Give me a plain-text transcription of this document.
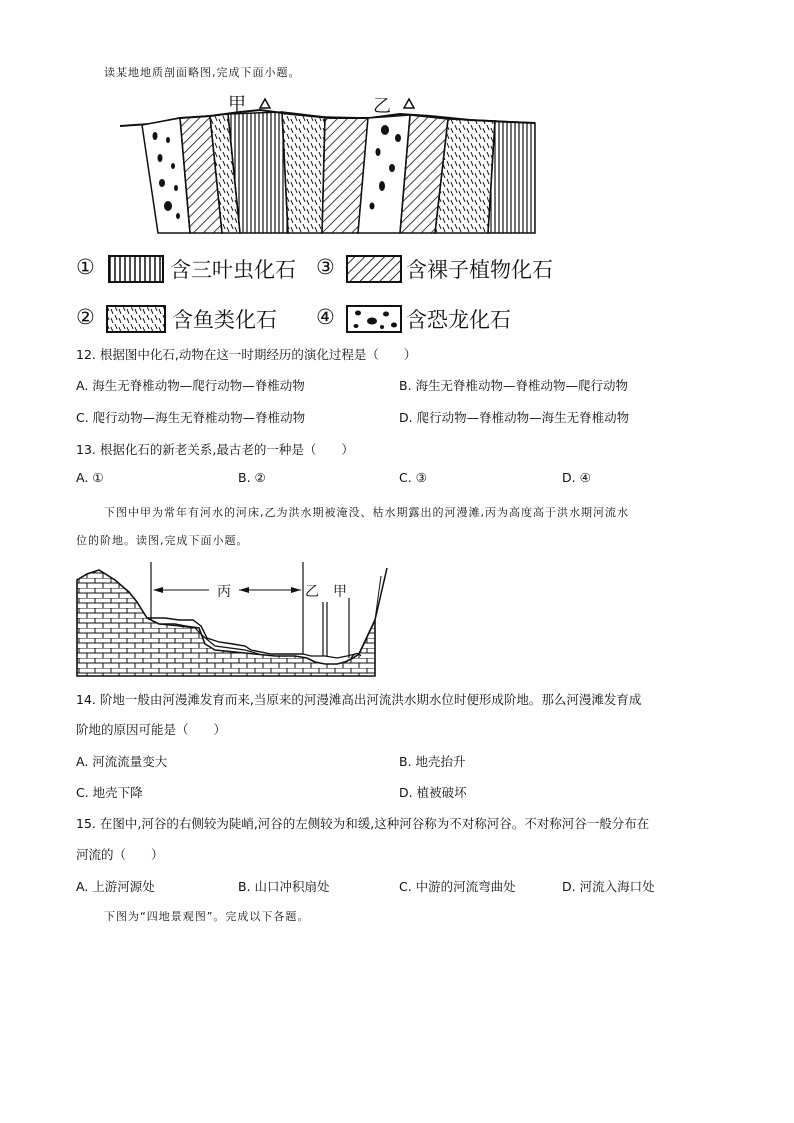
读某地地质剖面略图,完成下面小题。
甲	乙
①	含三叶虫化石 ③	含裸子植物化石
②	含鱼类化石 ④	含恐龙化石
12. 根据图中化石,动物在这一时期经历的演化过程是（　　）
A. 海生无脊椎动物—爬行动物—脊椎动物	B. 海生无脊椎动物—脊椎动物—爬行动物
C. 爬行动物—海生无脊椎动物—脊椎动物	D. 爬行动物—脊椎动物—海生无脊椎动物
13. 根据化石的新老关系,最古老的一种是（　　）
A. ①	B. ②	C. ③	D. ④
下图中甲为常年有河水的河床,乙为洪水期被淹没、枯水期露出的河漫滩,丙为高度高于洪水期河流水
位的阶地。读图,完成下面小题。
丙	乙 甲
14. 阶地一般由河漫滩发育而来,当原来的河漫滩高出河流洪水期水位时便形成阶地。那么河漫滩发育成
阶地的原因可能是（　　）
A. 河流流量变大	B. 地壳抬升
C. 地壳下降	D. 植被破坏
15. 在图中,河谷的右侧较为陡峭,河谷的左侧较为和缓,这种河谷称为不对称河谷。不对称河谷一般分布在
河流的（　　）
A. 上游河源处	B. 山口冲积扇处	C. 中游的河流弯曲处	D. 河流入海口处
下图为“四地景观图”。完成以下各题。
